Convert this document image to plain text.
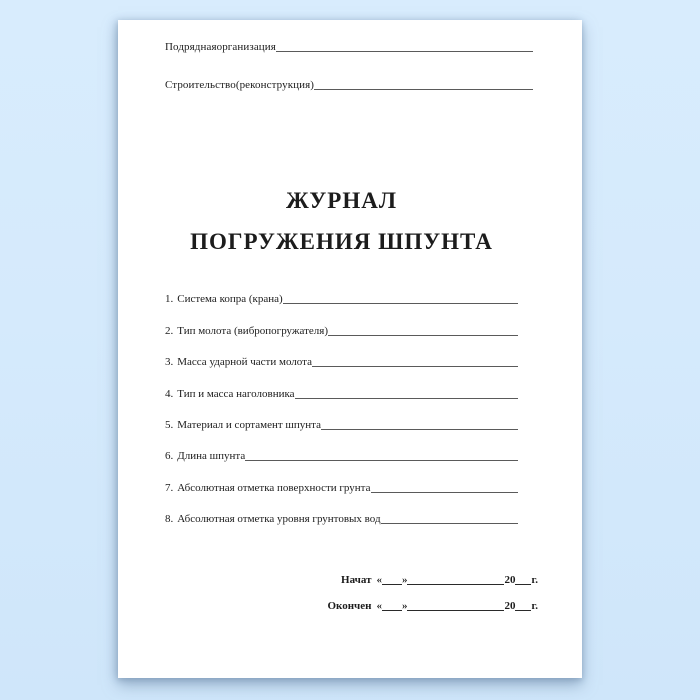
Подряднаяорганизация
Строительство(реконструкция)
ЖУРНАЛ
ПОГРУЖЕНИЯ ШПУНТА
1. Система копра (крана)
2. Тип молота (вибропогружателя)
3. Масса ударной части молота
4. Тип и масса наголовника
5. Материал и сортамент шпунта
6. Длина шпунта
7. Абсолютная отметка поверхности грунта
8. Абсолютная отметка уровня грунтовых вод
Начат « »	20 г.
Окончен « »	20 г.
